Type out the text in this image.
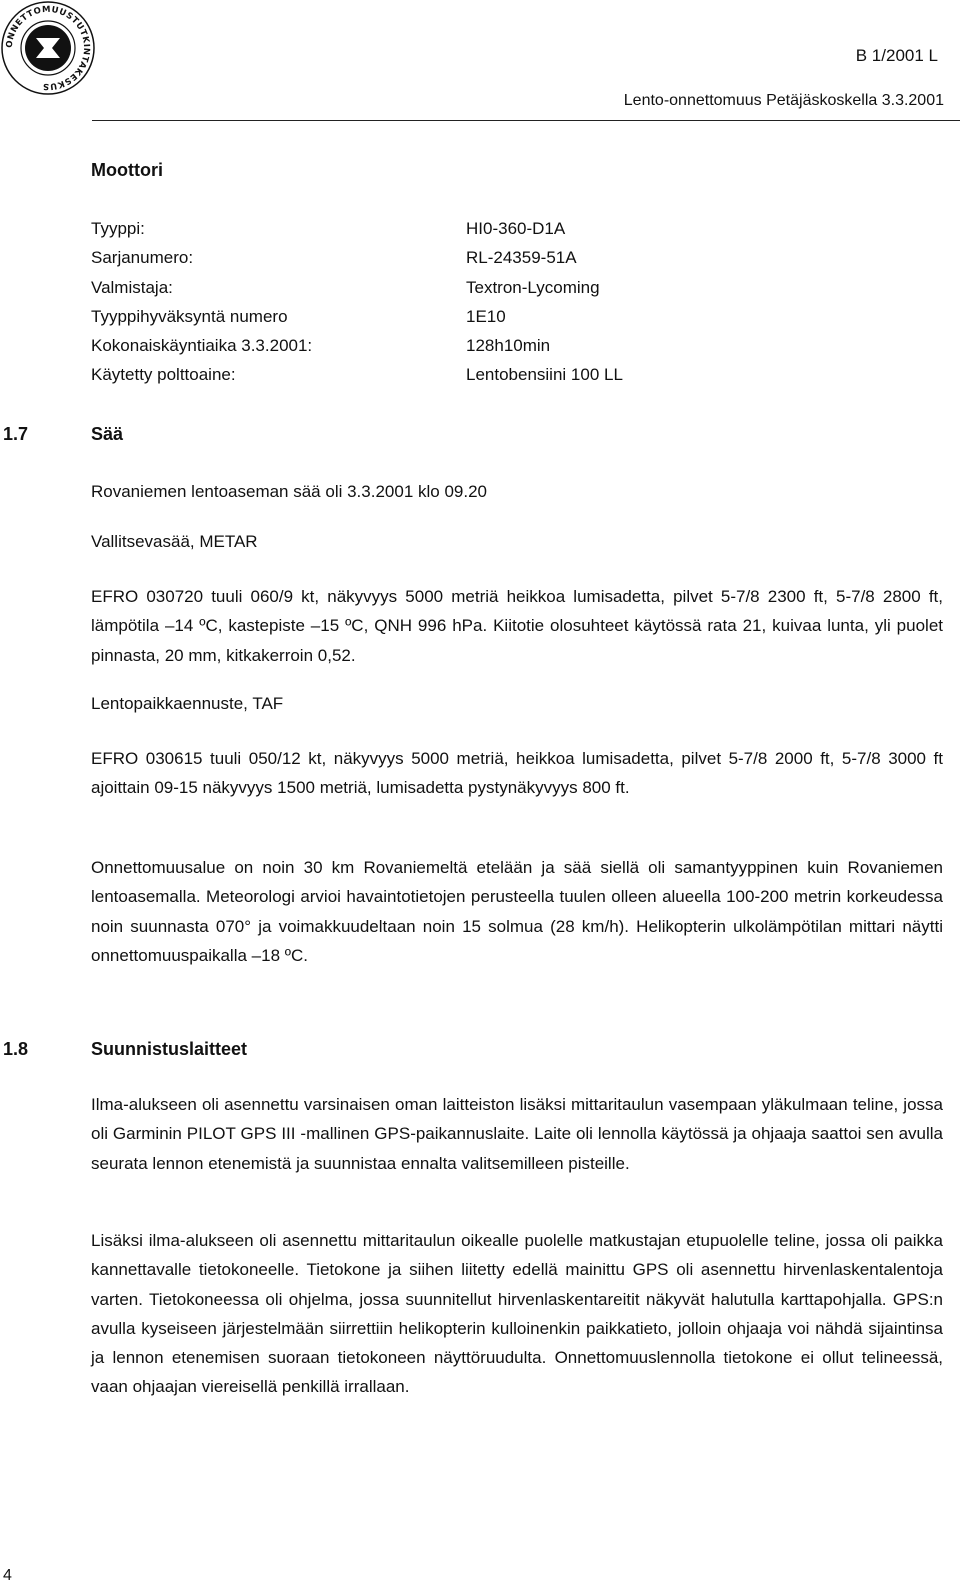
ONNETTOMUUSTUTKINTAKESKUS
B 1/2001 L
Lento-onnettomuus Petäjäskoskella 3.3.2001
Moottori
Tyyppi:	HI0-360-D1A
Sarjanumero:	RL-24359-51A
Valmistaja:	Textron-Lycoming
Tyyppihyväksyntä numero	1E10
Kokonaiskäyntiaika 3.3.2001:	128h10min
Käytetty polttoaine:	Lentobensiini 100 LL
1.7	Sää

Rovaniemen lentoaseman sää oli 3.3.2001 klo 09.20

Vallitsevasää, METAR

EFRO 030720 tuuli 060/9 kt, näkyvyys 5000 metriä heikkoa lumisadetta, pilvet 5-7/8 2300 ft, 5-7/8 2800 ft, lämpötila –14 ºC, kastepiste –15 ºC, QNH 996 hPa. Kiitotie olosuhteet käytössä rata 21, kuivaa lunta, yli puolet pinnasta, 20 mm, kitkakerroin 0,52.

Lentopaikkaennuste, TAF

EFRO 030615 tuuli 050/12 kt, näkyvyys 5000 metriä, heikkoa lumisadetta, pilvet 5-7/8 2000 ft, 5-7/8 3000 ft ajoittain 09-15 näkyvyys 1500 metriä, lumisadetta pystynäkyvyys 800 ft.

Onnettomuusalue on noin 30 km Rovaniemeltä etelään ja sää siellä oli samantyyppinen kuin Rovaniemen lentoasemalla. Meteorologi arvioi havaintotietojen perusteella tuulen olleen alueella 100-200 metrin korkeudessa noin suunnasta 070° ja voimakkuudeltaan noin 15 solmua (28 km/h). Helikopterin ulkolämpötilan mittari näytti onnettomuuspaikalla –18 ºC.

1.8	Suunnistuslaitteet

Ilma-alukseen oli asennettu varsinaisen oman laitteiston lisäksi mittaritaulun vasempaan yläkulmaan teline, jossa oli Garminin PILOT GPS III -mallinen GPS-paikannuslaite. Laite oli lennolla käytössä ja ohjaaja saattoi sen avulla seurata lennon etenemistä ja suunnistaa ennalta valitsemilleen pisteille.

Lisäksi ilma-alukseen oli asennettu mittaritaulun oikealle puolelle matkustajan etupuolelle teline, jossa oli paikka kannettavalle tietokoneelle. Tietokone ja siihen liitetty edellä mainittu GPS oli asennettu hirvenlaskentalentoja varten. Tietokoneessa oli ohjelma, jossa suunnitellut hirvenlaskentareitit näkyvät halutulla karttapohjalla. GPS:n avulla kyseiseen järjestelmään siirrettiin helikopterin kulloinenkin paikkatieto, jolloin ohjaaja voi nähdä sijaintinsa ja lennon etenemisen suoraan tietokoneen näyttöruudulta. Onnettomuuslennolla tietokone ei ollut telineessä, vaan ohjaajan viereisellä penkillä irrallaan.

4
